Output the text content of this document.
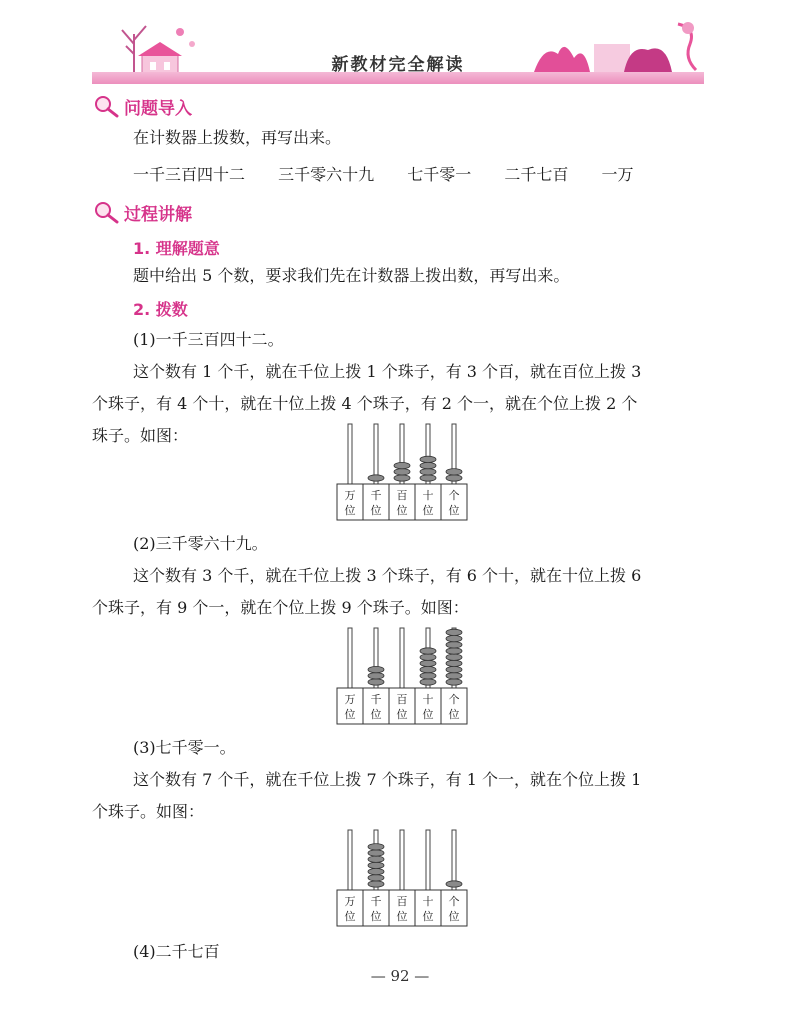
新教材完全解读
问题导入
在计数器上拨数，再写出来。
一千三百四十二 三千零六十九 七千零一 二千七百 一万
过程讲解
1. 理解题意
题中给出 5 个数，要求我们先在计数器上拨出数，再写出来。
2. 拨数
(1)一千三百四十二。
这个数有 1 个千，就在千位上拨 1 个珠子，有 3 个百，就在百位上拨 3
个珠子，有 4 个十，就在十位上拨 4 个珠子，有 2 个一，就在个位上拨 2 个
珠子。如图：
万
位
千
位
百
位
十
位
个
位
(2)三千零六十九。
这个数有 3 个千，就在千位上拨 3 个珠子，有 6 个十，就在十位上拨 6
个珠子，有 9 个一，就在个位上拨 9 个珠子。如图：
万
位
千
位
百
位
十
位
个
位
(3)七千零一。
这个数有 7 个千，就在千位上拨 7 个珠子，有 1 个一，就在个位上拨 1
个珠子。如图：
万
位
千
位
百
位
十
位
个
位
(4)二千七百
— 92 —
